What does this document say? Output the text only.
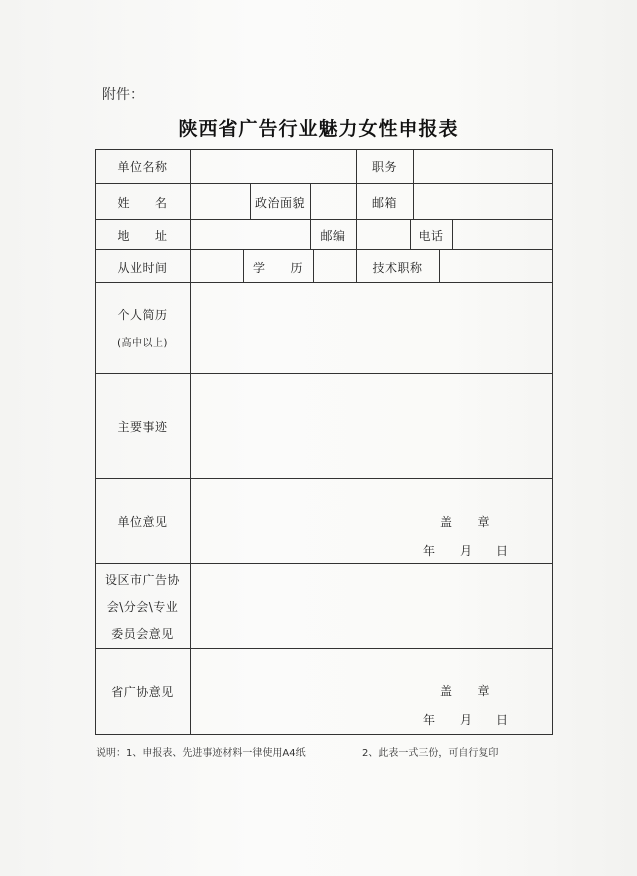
附件：
陕西省广告行业魅力女性申报表
单位名称	职务
姓　　名	政治面貌	邮箱
地　　址	邮编	电话
从业时间	学　　历	技术职称
个人简历
(高中以上)
主要事迹
单位意见	盖　　章
年 月 日
设区市广告协
会\分会\专业
委员会意见
省广协意见	盖　　章
年 月 日
说明：1、申报表、先进事迹材料一律使用A4纸	2、此表一式三份，可自行复印
